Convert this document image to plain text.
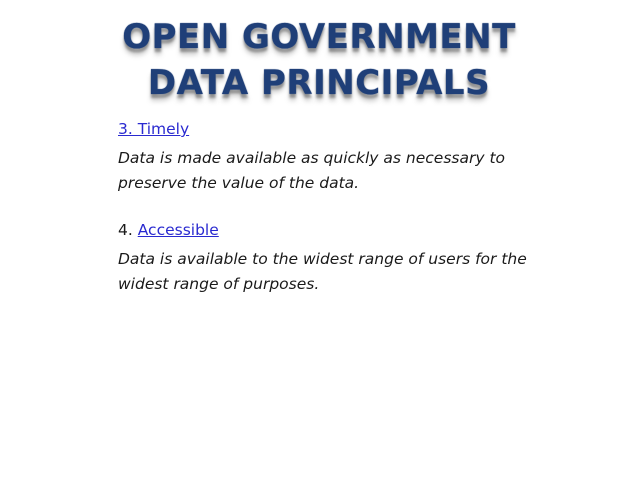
OPEN GOVERNMENT
DATA PRINCIPALS

3. Timely

Data is made available as quickly as necessary to preserve the value of the data.

4. Accessible

Data is available to the widest range of users for the widest range of purposes.
